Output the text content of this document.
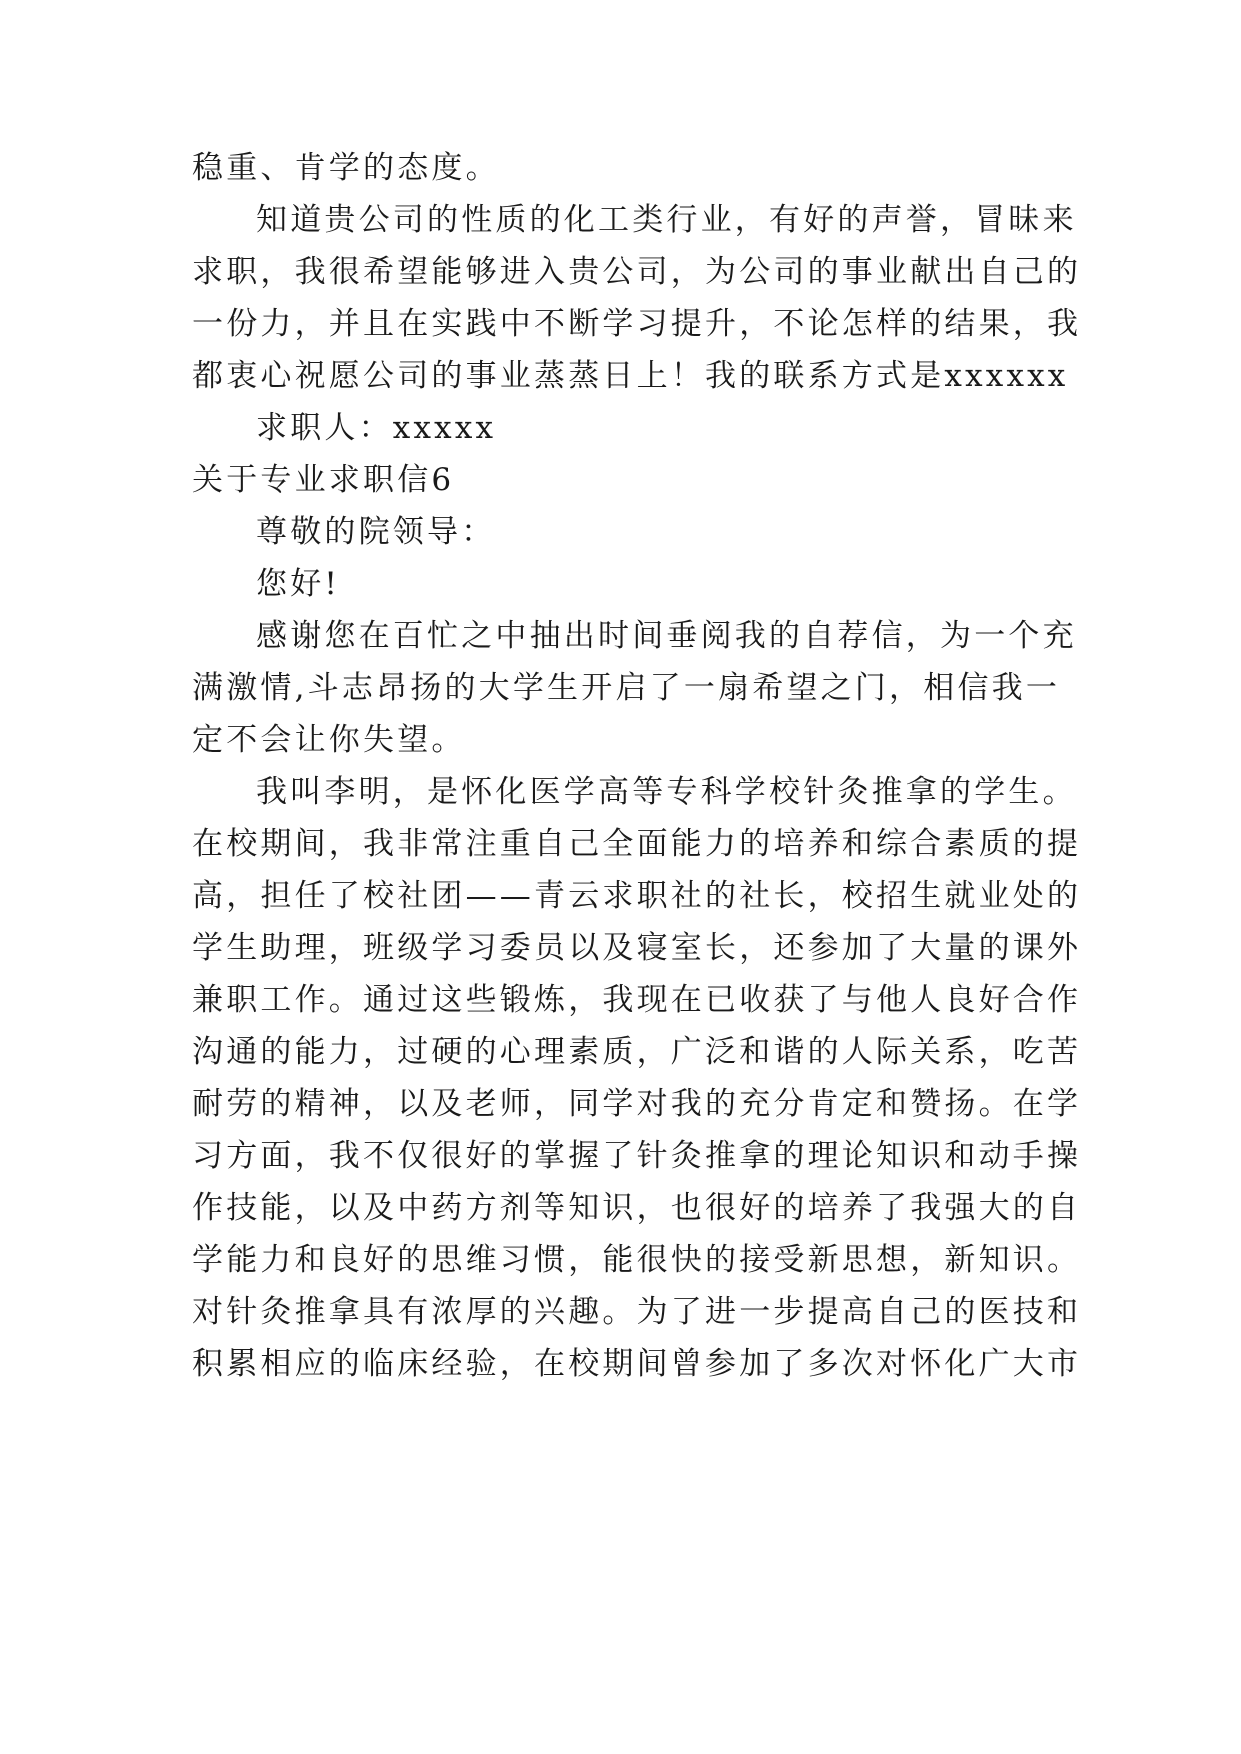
稳重、肯学的态度。
知道贵公司的性质的化工类行业，有好的声誉，冒昧来
求职，我很希望能够进入贵公司，为公司的事业献出自己的
一份力，并且在实践中不断学习提升，不论怎样的结果，我
都衷心祝愿公司的事业蒸蒸日上！我的联系方式是xxxxxx
求职人：xxxxx
关于专业求职信6
尊敬的院领导：
您好!
感谢您在百忙之中抽出时间垂阅我的自荐信，为一个充
满激情,斗志昂扬的大学生开启了一扇希望之门，相信我一
定不会让你失望。
我叫李明，是怀化医学高等专科学校针灸推拿的学生。
在校期间，我非常注重自己全面能力的培养和综合素质的提
高，担任了校社团——青云求职社的社长，校招生就业处的
学生助理，班级学习委员以及寝室长，还参加了大量的课外
兼职工作。通过这些锻炼，我现在已收获了与他人良好合作
沟通的能力，过硬的心理素质，广泛和谐的人际关系，吃苦
耐劳的精神，以及老师，同学对我的充分肯定和赞扬。在学
习方面，我不仅很好的掌握了针灸推拿的理论知识和动手操
作技能，以及中药方剂等知识，也很好的培养了我强大的自
学能力和良好的思维习惯，能很快的接受新思想，新知识。
对针灸推拿具有浓厚的兴趣。为了进一步提高自己的医技和
积累相应的临床经验，在校期间曾参加了多次对怀化广大市
